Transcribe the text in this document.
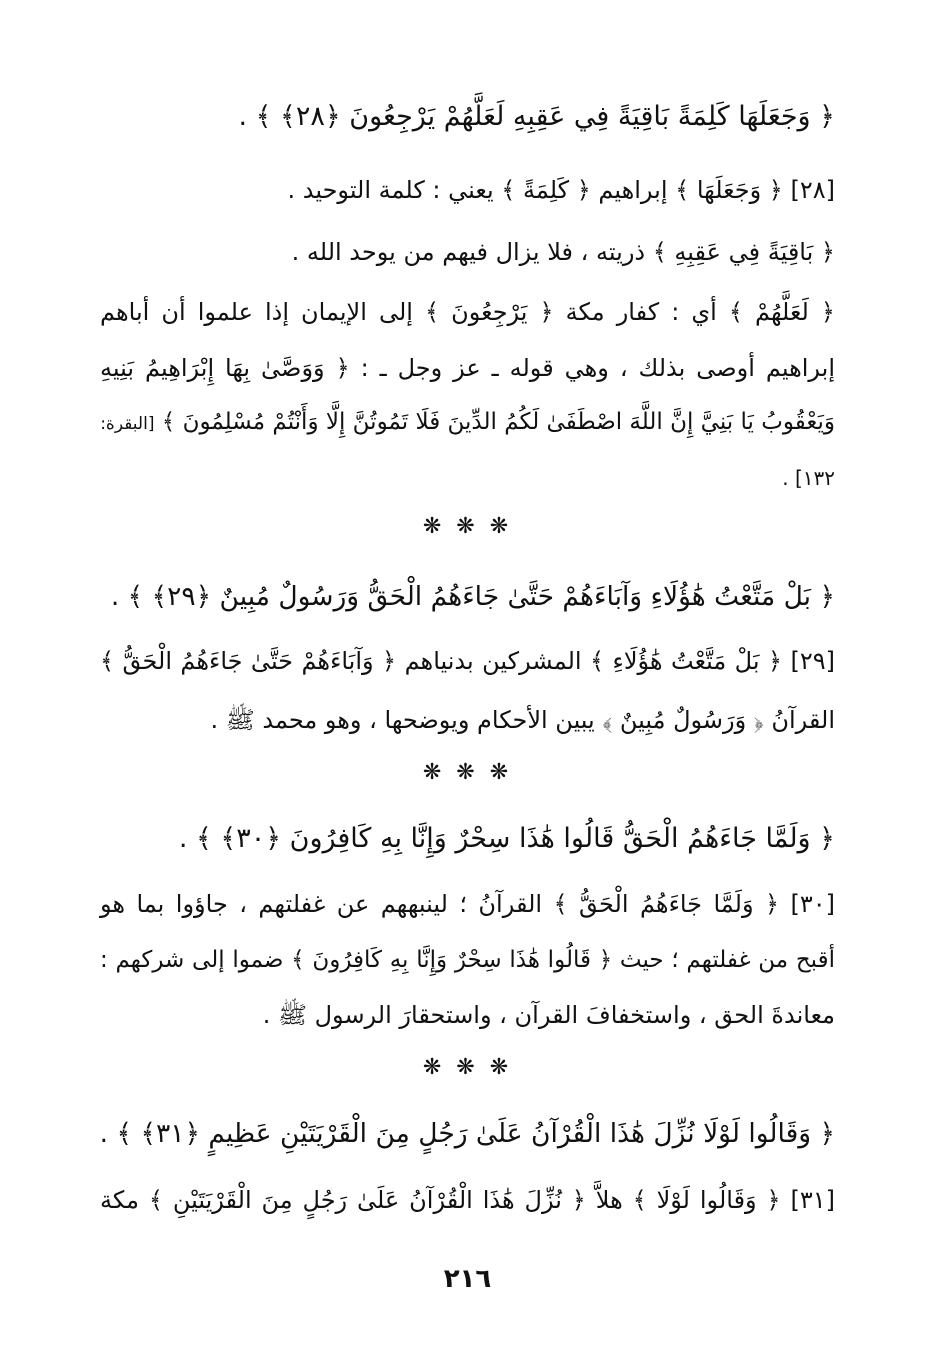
﴿ وَجَعَلَهَا كَلِمَةً بَاقِيَةً فِي عَقِبِهِ لَعَلَّهُمْ يَرْجِعُونَ ﴿٢٨﴾ ﴾ .
[٢٨] ﴿ وَجَعَلَهَا ﴾ إبراهيم ﴿ كَلِمَةً ﴾ يعني : كلمة التوحيد .
﴿ بَاقِيَةً فِي عَقِبِهِ ﴾ ذريته ، فلا يزال فيهم من يوحد الله .
﴿ لَعَلَّهُمْ ﴾ أي : كفار مكة ﴿ يَرْجِعُونَ ﴾ إلى الإيمان إذا علموا أن أباهم
إبراهيم أوصى بذلك ، وهي قوله ـ عز وجل ـ : ﴿ وَوَصَّىٰ بِهَا إِبْرَاهِيمُ بَنِيهِ
وَيَعْقُوبُ يَا بَنِيَّ إِنَّ اللَّهَ اصْطَفَىٰ لَكُمُ الدِّينَ فَلَا تَمُوتُنَّ إِلَّا وَأَنْتُمْ مُسْلِمُونَ ﴾ [البقرة:
١٣٢] .
❋ ❋ ❋
﴿ بَلْ مَتَّعْتُ هَٰؤُلَاءِ وَآبَاءَهُمْ حَتَّىٰ جَاءَهُمُ الْحَقُّ وَرَسُولٌ مُبِينٌ ﴿٢٩﴾ ﴾ .
[٢٩] ﴿ بَلْ مَتَّعْتُ هَٰؤُلَاءِ ﴾ المشركين بدنياهم ﴿ وَآبَاءَهُمْ حَتَّىٰ جَاءَهُمُ الْحَقُّ ﴾
القرآنُ ﴿ وَرَسُولٌ مُبِينٌ ﴾ يبين الأحكام ويوضحها ، وهو محمد ﷺ .
❋ ❋ ❋
﴿ وَلَمَّا جَاءَهُمُ الْحَقُّ قَالُوا هَٰذَا سِحْرٌ وَإِنَّا بِهِ كَافِرُونَ ﴿٣٠﴾ ﴾ .
[٣٠] ﴿ وَلَمَّا جَاءَهُمُ الْحَقُّ ﴾ القرآنُ ؛ لينبههم عن غفلتهم ، جاؤوا بما هو
أقبح من غفلتهم ؛ حيث ﴿ قَالُوا هَٰذَا سِحْرٌ وَإِنَّا بِهِ كَافِرُونَ ﴾ ضموا إلى شركهم :
معاندةَ الحق ، واستخفافَ القرآن ، واستحقارَ الرسول ﷺ .
❋ ❋ ❋
﴿ وَقَالُوا لَوْلَا نُزِّلَ هَٰذَا الْقُرْآنُ عَلَىٰ رَجُلٍ مِنَ الْقَرْيَتَيْنِ عَظِيمٍ ﴿٣١﴾ ﴾ .
[٣١] ﴿ وَقَالُوا لَوْلَا ﴾ هلاَّ ﴿ نُزِّلَ هَٰذَا الْقُرْآنُ عَلَىٰ رَجُلٍ مِنَ الْقَرْيَتَيْنِ ﴾ مكة
٢١٦
